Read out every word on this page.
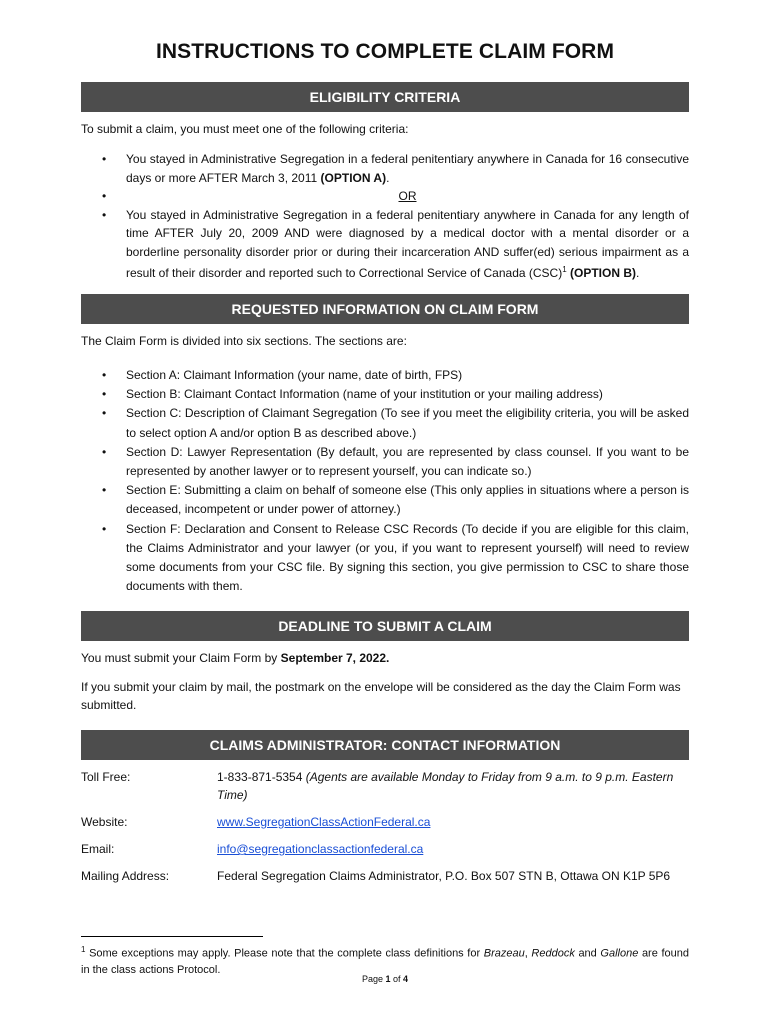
INSTRUCTIONS TO COMPLETE CLAIM FORM
ELIGIBILITY CRITERIA
To submit a claim, you must meet one of the following criteria:
• You stayed in Administrative Segregation in a federal penitentiary anywhere in Canada for 16 consecutive days or more AFTER March 3, 2011 (OPTION A).
• OR
• You stayed in Administrative Segregation in a federal penitentiary anywhere in Canada for any length of time AFTER July 20, 2009 AND were diagnosed by a medical doctor with a mental disorder or a borderline personality disorder prior or during their incarceration AND suffer(ed) serious impairment as a result of their disorder and reported such to Correctional Service of Canada (CSC)$^1$ (OPTION B).
REQUESTED INFORMATION ON CLAIM FORM
The Claim Form is divided into six sections. The sections are:
• Section A: Claimant Information (your name, date of birth, FPS)
• Section B: Claimant Contact Information (name of your institution or your mailing address)
• Section C: Description of Claimant Segregation (To see if you meet the eligibility criteria, you will be asked to select option A and/or option B as described above.)
• Section D: Lawyer Representation (By default, you are represented by class counsel. If you want to be represented by another lawyer or to represent yourself, you can indicate so.)
• Section E: Submitting a claim on behalf of someone else (This only applies in situations where a person is deceased, incompetent or under power of attorney.)
• Section F: Declaration and Consent to Release CSC Records (To decide if you are eligible for this claim, the Claims Administrator and your lawyer (or you, if you want to represent yourself) will need to review some documents from your CSC file. By signing this section, you give permission to CSC to share those documents with them.
DEADLINE TO SUBMIT A CLAIM
You must submit your Claim Form by September 7, 2022.
If you submit your claim by mail, the postmark on the envelope will be considered as the day the Claim Form was submitted.
CLAIMS ADMINISTRATOR: CONTACT INFORMATION
Toll Free:	1-833-871-5354 (Agents are available Monday to Friday from 9 a.m. to 9 p.m. Eastern Time)
Website:	www.SegregationClassActionFederal.ca
Email:	info@segregationclassactionfederal.ca
Mailing Address:	Federal Segregation Claims Administrator, P.O. Box 507 STN B, Ottawa ON K1P 5P6
$^1$ Some exceptions may apply. Please note that the complete class definitions for Brazeau, Reddock and Gallone are found in the class actions Protocol.
Page 1 of 4
